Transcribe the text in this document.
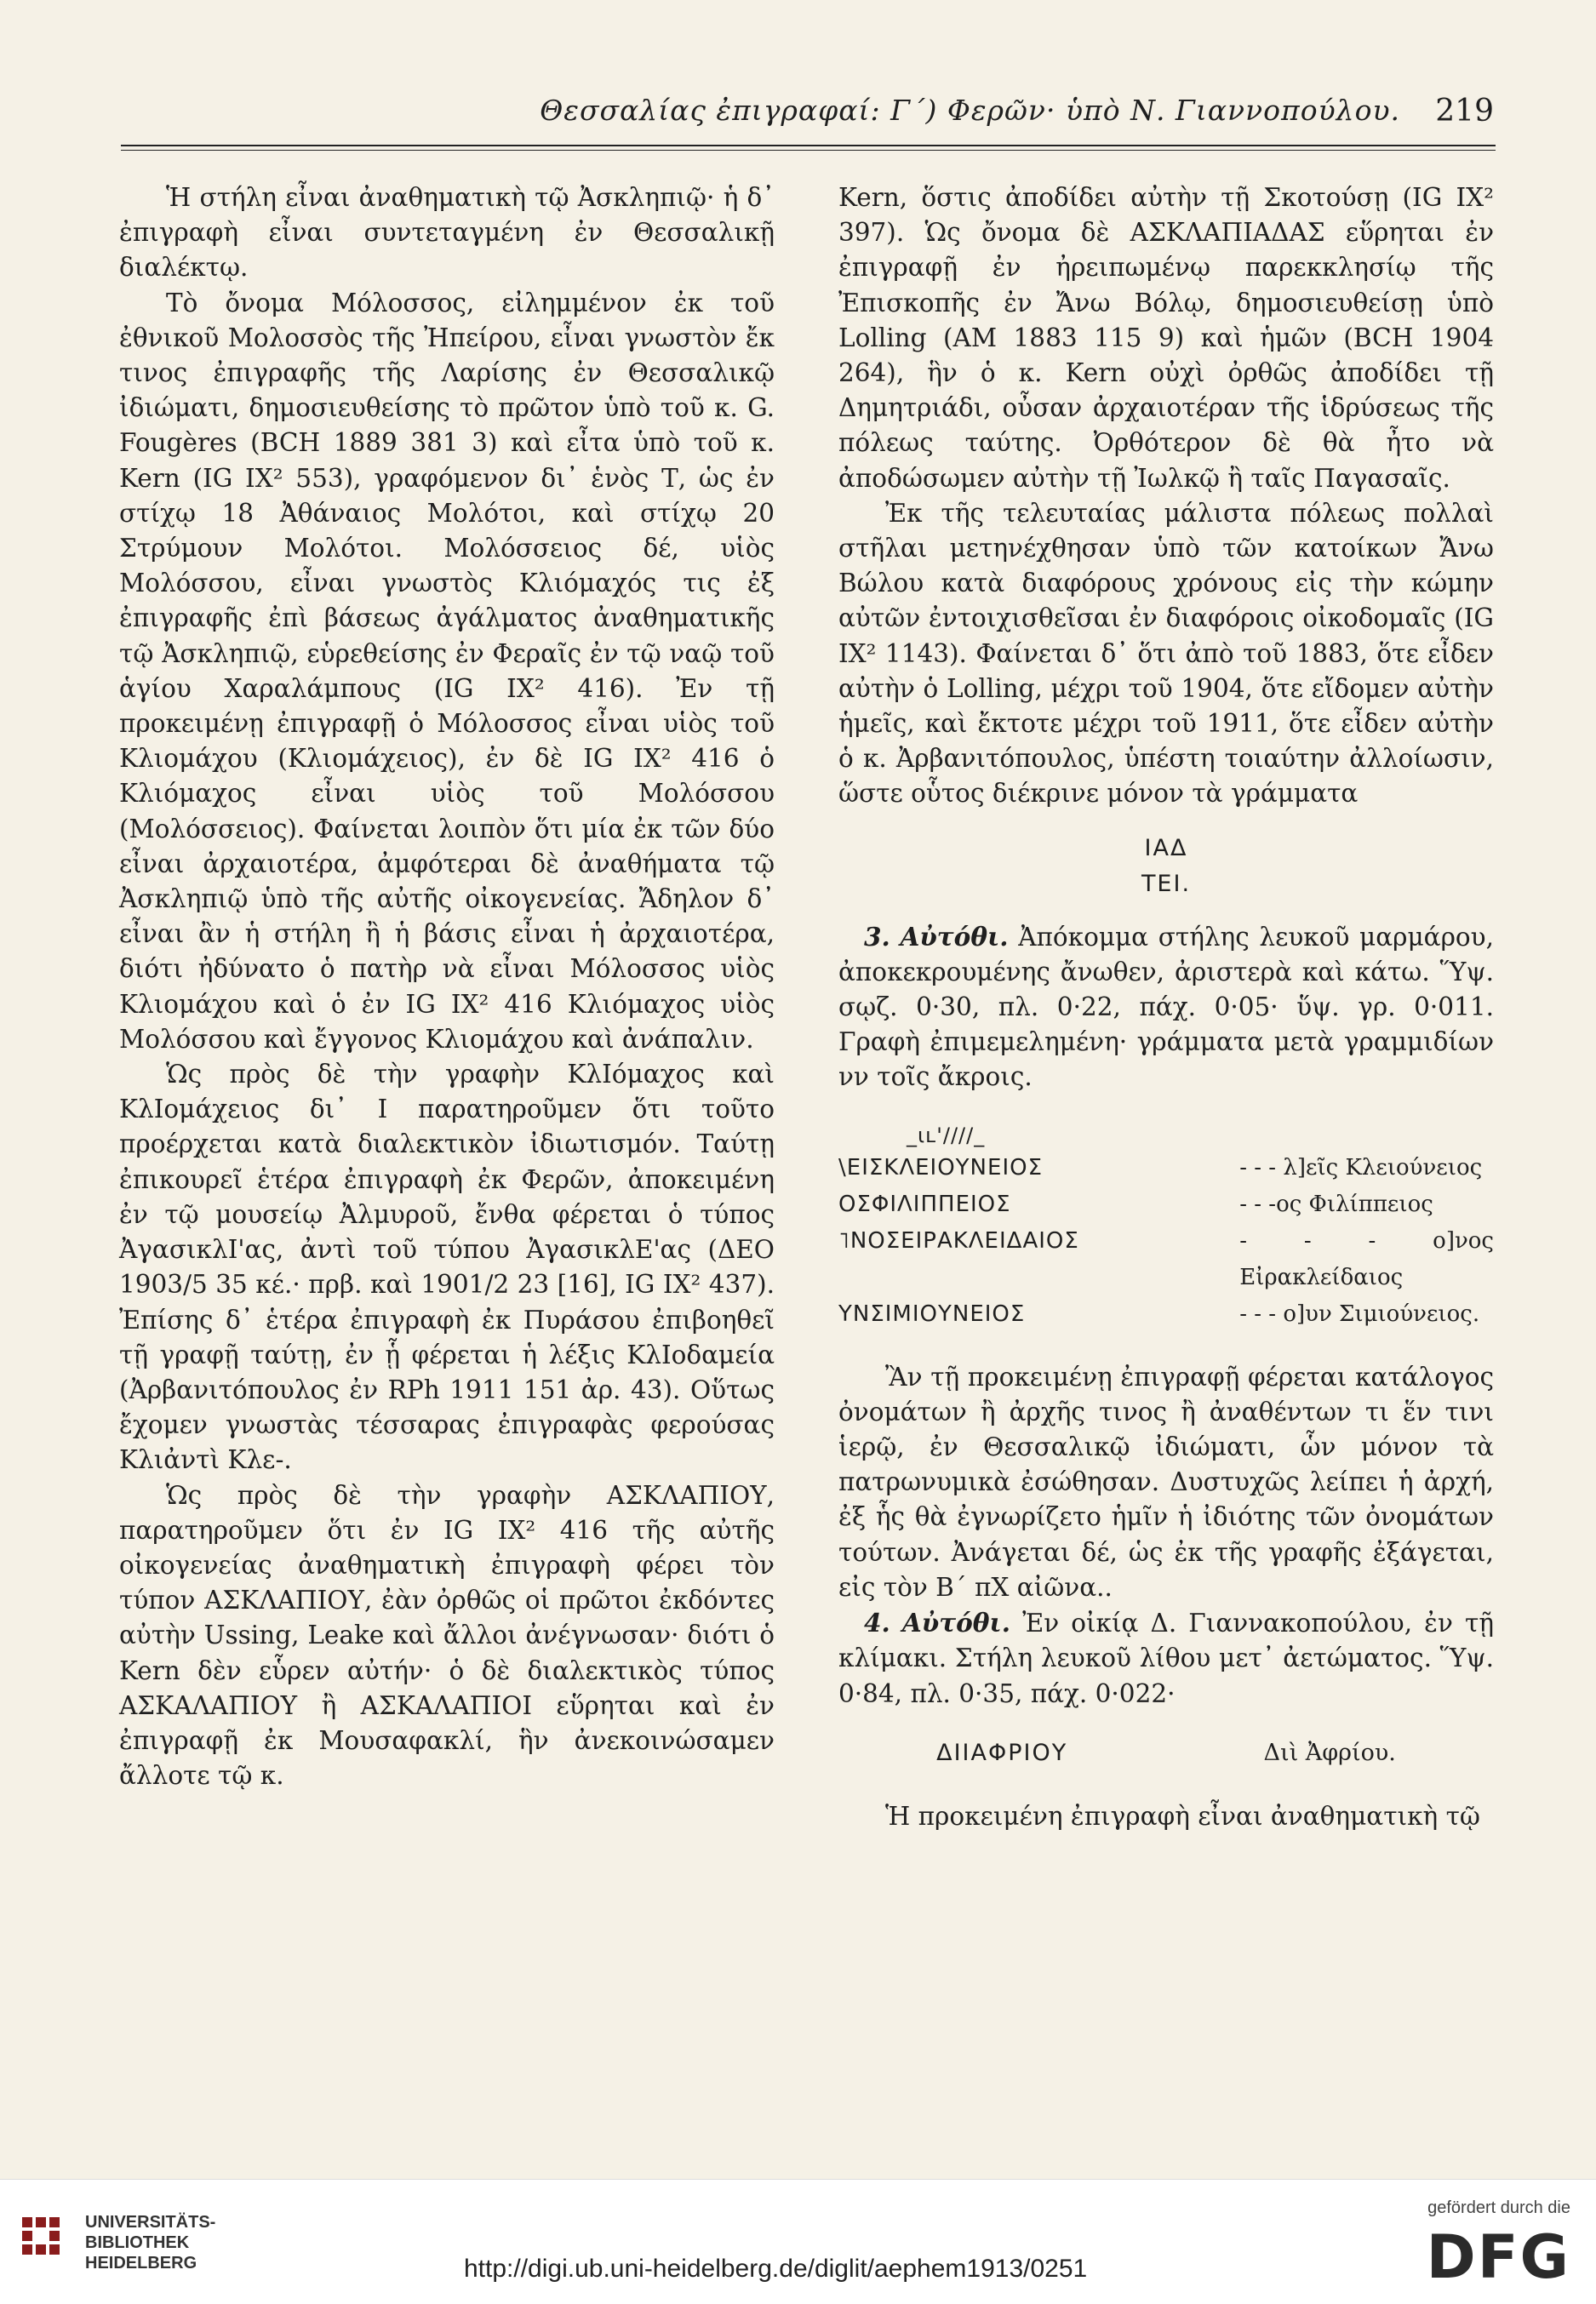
Θεσσαλίας ἐπιγραφαί: Γ´) Φερῶν· ὑπὸ Ν. Γιαννοπούλου. 219

Ἡ στήλη εἶναι ἀναθηματικὴ τῷ Ἀσκληπιῷ· ἡ δ᾽ ἐπιγραφὴ εἶναι συντεταγμένη ἐν Θεσσαλικῇ διαλέκτῳ.

Τὸ ὄνομα Μόλοσσος, εἰλημμένον ἐκ τοῦ ἐθνικοῦ Μολοσσὸς τῆς Ἠπείρου, εἶναι γνωστὸν ἔκ τινος ἐπιγραφῆς τῆς Λαρίσης ἐν Θεσσαλικῷ ἰδιώματι, δημοσιευθείσης τὸ πρῶτον ὑπὸ τοῦ κ. G. Fougères (BCH 1889 381 3) καὶ εἶτα ὑπὸ τοῦ κ. Kern (IG IX² 553), γραφόμενον δι᾽ ἑνὸς Τ, ὡς ἐν στίχῳ 18 Ἀθάναιος Μολότοι, καὶ στίχῳ 20 Στρύμουν Μολότοι. Μολόσσειος δέ, υἱὸς Μολόσσου, εἶναι γνωστὸς Κλιόμαχός τις ἐξ ἐπιγραφῆς ἐπὶ βάσεως ἀγάλματος ἀναθηματικῆς τῷ Ἀσκληπιῷ, εὑρεθείσης ἐν Φεραῖς ἐν τῷ ναῷ τοῦ ἁγίου Χαραλάμπους (IG IX² 416). Ἐν τῇ προκειμένῃ ἐπιγραφῇ ὁ Μόλοσσος εἶναι υἱὸς τοῦ Κλιομάχου (Κλιομάχειος), ἐν δὲ IG IX² 416 ὁ Κλιόμαχος εἶναι υἱὸς τοῦ Μολόσσου (Μολόσσειος). Φαίνεται λοιπὸν ὅτι μία ἐκ τῶν δύο εἶναι ἀρχαιοτέρα, ἀμφότεραι δὲ ἀναθήματα τῷ Ἀσκληπιῷ ὑπὸ τῆς αὐτῆς οἰκογενείας. Ἄδηλον δ᾽ εἶναι ἂν ἡ στήλη ἢ ἡ βάσις εἶναι ἡ ἀρχαιοτέρα, διότι ἠδύνατο ὁ πατὴρ νὰ εἶναι Μόλοσσος υἱὸς Κλιομάχου καὶ ὁ ἐν IG IX² 416 Κλιόμαχος υἱὸς Μολόσσου καὶ ἔγγονος Κλιομάχου καὶ ἀνάπαλιν.

Ὡς πρὸς δὲ τὴν γραφὴν ΚλΙόμαχος καὶ ΚλΙομάχειος δι᾽ Ι παρατηροῦμεν ὅτι τοῦτο προέρχεται κατὰ διαλεκτικὸν ἰδιωτισμόν. Ταύτῃ ἐπικουρεῖ ἑτέρα ἐπιγραφὴ ἐκ Φερῶν, ἀποκειμένη ἐν τῷ μουσείῳ Ἀλμυροῦ, ἔνθα φέρεται ὁ τύπος ἈγασικλΙ'ας, ἀντὶ τοῦ τύπου ἈγασικλΕ'ας (ΔΕΟ 1903/5 35 κέ.· πρβ. καὶ 1901/2 23 [16], IG IX² 437). Ἐπίσης δ᾽ ἑτέρα ἐπιγραφὴ ἐκ Πυράσου ἐπιβοηθεῖ τῇ γραφῇ ταύτῃ, ἐν ᾗ φέρεται ἡ λέξις ΚλΙοδαμεία (Ἀρβανιτόπουλος ἐν RPh 1911 151 ἀρ. 43). Οὕτως ἔχομεν γνωστὰς τέσσαρας ἐπιγραφὰς φερούσας Κλιἀντὶ Κλε-.

Ὡς πρὸς δὲ τὴν γραφὴν ΑΣΚΛΑΠΙΟΥ, παρατηροῦμεν ὅτι ἐν IG IX² 416 τῆς αὐτῆς οἰκογενείας ἀναθηματικὴ ἐπιγραφὴ φέρει τὸν τύπον ΑΣΚΛΑΠΙΟΥ, ἐὰν ὀρθῶς οἱ πρῶτοι ἐκδόντες αὐτὴν Ussing, Leake καὶ ἄλλοι ἀνέγνωσαν· διότι ὁ Kern δὲν εὗρεν αὐτήν· ὁ δὲ διαλεκτικὸς τύπος ΑΣΚΑΛΑΠΙΟΥ ἢ ΑΣΚΑΛΑΠΙΟΙ εὕρηται καὶ ἐν ἐπιγραφῇ ἐκ Μουσαφακλί, ἣν ἀνεκοινώσαμεν ἄλλοτε τῷ κ.

Kern, ὅστις ἀποδίδει αὐτὴν τῇ Σκοτούσῃ (IG IX² 397). Ὡς ὄνομα δὲ ΑΣΚΛΑΠΙΑΔΑΣ εὕρηται ἐν ἐπιγραφῇ ἐν ἠρειπωμένῳ παρεκκλησίῳ τῆς Ἐπισκοπῆς ἐν Ἄνω Βόλῳ, δημοσιευθείσῃ ὑπὸ Lolling (AM 1883 115 9) καὶ ἡμῶν (BCH 1904 264), ἣν ὁ κ. Kern οὐχὶ ὀρθῶς ἀποδίδει τῇ Δημητριάδι, οὖσαν ἀρχαιοτέραν τῆς ἱδρύσεως τῆς πόλεως ταύτης. Ὀρθότερον δὲ θὰ ἦτο νὰ ἀποδώσωμεν αὐτὴν τῇ Ἰωλκῷ ἢ ταῖς Παγασαῖς.

Ἐκ τῆς τελευταίας μάλιστα πόλεως πολλαὶ στῆλαι μετηνέχθησαν ὑπὸ τῶν κατοίκων Ἄνω Βώλου κατὰ διαφόρους χρόνους εἰς τὴν κώμην αὐτῶν ἐντοιχισθεῖσαι ἐν διαφόροις οἰκοδομαῖς (IG IX² 1143). Φαίνεται δ᾽ ὅτι ἀπὸ τοῦ 1883, ὅτε εἶδεν αὐτὴν ὁ Lolling, μέχρι τοῦ 1904, ὅτε εἴδομεν αὐτὴν ἡμεῖς, καὶ ἔκτοτε μέχρι τοῦ 1911, ὅτε εἶδεν αὐτὴν ὁ κ. Ἀρβανιτόπουλος, ὑπέστη τοιαύτην ἀλλοίωσιν, ὥστε οὗτος διέκρινε μόνον τὰ γράμματα

ΙΑΔ
ΤΕΙ.

3. Αὐτόθι. Ἀπόκομμα στήλης λευκοῦ μαρμάρου, ἀποκεκρουμένης ἄνωθεν, ἀριστερὰ καὶ κάτω. Ὕψ. σῳζ. 0·30, πλ. 0·22, πάχ. 0·05· ὕψ. γρ. 0·011. Γραφὴ ἐπιμεμελημένη· γράμματα μετὰ γραμμιδίων νν τοῖς ἄκροις.

_ιʟ'////_	

\ΕΙΣΚΛΕΙΟΥΝΕΙΟΣ	- - - λ]εῖς Κλειούνειος
ΟΣΦΙΛΙΠΠΕΙΟΣ	- - -ος Φιλίππειος
˥ΝΟΣΕΙΡΑΚΛΕΙΔΑΙΟΣ	- - - ο]νος Εἰρακλείδαιος
ΥΝΣΙΜΙΟΥΝΕΙΟΣ	- - - ο]υν Σιμιούνειος.

Ἂν τῇ προκειμένῃ ἐπιγραφῇ φέρεται κατάλογος ὀνομάτων ἢ ἀρχῆς τινος ἢ ἀναθέντων τι ἕν τινι ἱερῷ, ἐν Θεσσαλικῷ ἰδιώματι, ὧν μόνον τὰ πατρωνυμικὰ ἐσώθησαν. Δυστυχῶς λείπει ἡ ἀρχή, ἐξ ἧς θὰ ἐγνωρίζετο ἡμῖν ἡ ἰδιότης τῶν ὀνομάτων τούτων. Ἀνάγεται δέ, ὡς ἐκ τῆς γραφῆς ἐξάγεται, εἰς τὸν Β´ πΧ αἰῶνα..

4. Αὐτόθι. Ἐν οἰκίᾳ Δ. Γιαννακοπούλου, ἐν τῇ κλίμακι. Στήλη λευκοῦ λίθου μετ᾽ ἀετώματος. Ὕψ. 0·84, πλ. 0·35, πάχ. 0·022·

ΔΙΙΑΦΡΙΟΥ	Διὶ Ἀφρίου.

Ἡ προκειμένη ἐπιγραφὴ εἶναι ἀναθηματικὴ τῷ

UNIVERSITÄTS-
BIBLIOTHEK
HEIDELBERG	http://digi.ub.uni-heidelberg.de/diglit/aephem1913/0251
gefördert durch die
DFG
